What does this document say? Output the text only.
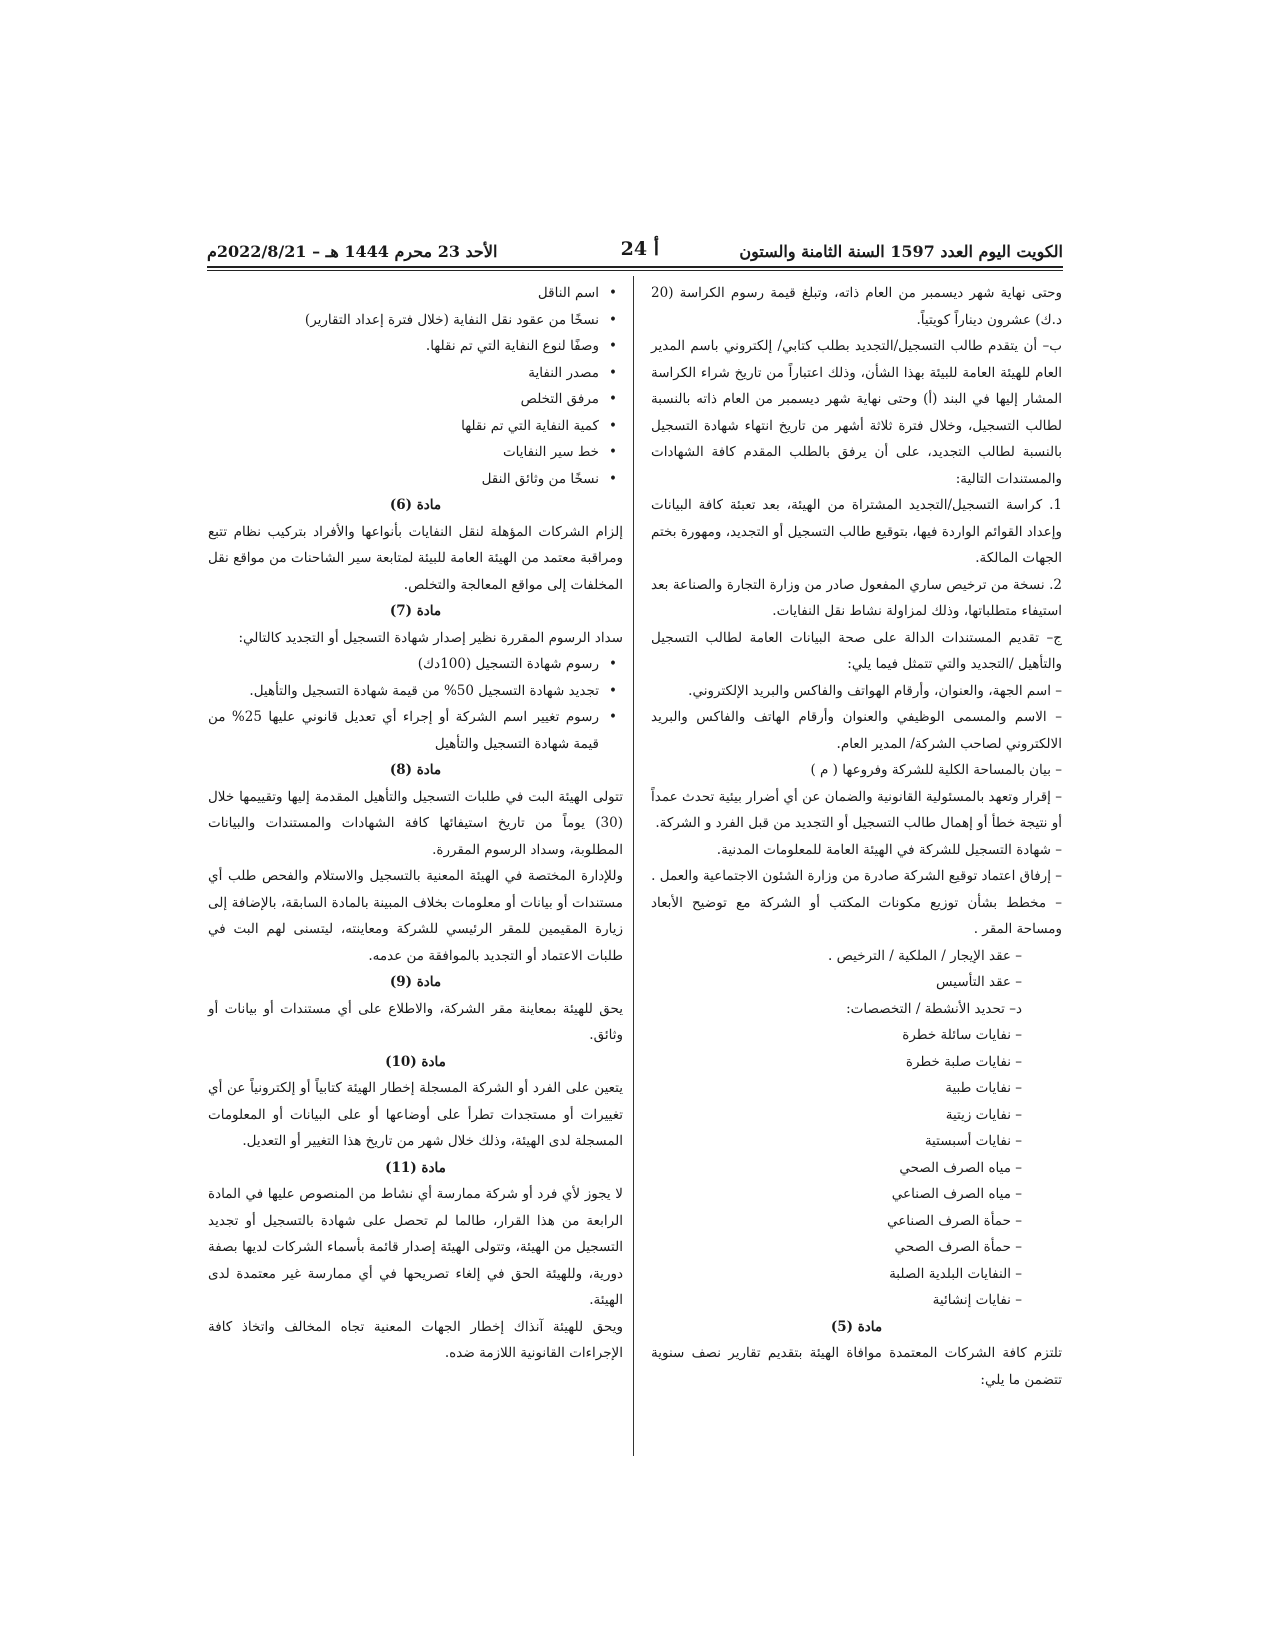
الكويت اليوم العدد 1597 السنة الثامنة والستون
أ 24
الأحد 23 محرم 1444 هـ – 2022/8/21م

وحتى نهاية شهر ديسمبر من العام ذاته، وتبلغ قيمة رسوم الكراسة (20 د.ك) عشرون ديناراً كويتياً.

ب– أن يتقدم طالب التسجيل/التجديد بطلب كتابي/ إلكتروني باسم المدير العام للهيئة العامة للبيئة بهذا الشأن، وذلك اعتباراً من تاريخ شراء الكراسة المشار إليها في البند (أ) وحتى نهاية شهر ديسمبر من العام ذاته بالنسبة لطالب التسجيل، وخلال فترة ثلاثة أشهر من تاريخ انتهاء شهادة التسجيل بالنسبة لطالب التجديد، على أن يرفق بالطلب المقدم كافة الشهادات والمستندات التالية:

1. كراسة التسجيل/التجديد المشتراة من الهيئة، بعد تعبئة كافة البيانات وإعداد القوائم الواردة فيها، بتوقيع طالب التسجيل أو التجديد، ومهورة بختم الجهات المالكة.

2. نسخة من ترخيص ساري المفعول صادر من وزارة التجارة والصناعة بعد استيفاء متطلباتها، وذلك لمزاولة نشاط نقل النفايات.

ج– تقديم المستندات الدالة على صحة البيانات العامة لطالب التسجيل والتأهيل /التجديد والتي تتمثل فيما يلي:

– اسم الجهة، والعنوان، وأرقام الهواتف والفاكس والبريد الإلكتروني.

– الاسم والمسمى الوظيفي والعنوان وأرقام الهاتف والفاكس والبريد الالكتروني لصاحب الشركة/ المدير العام.

– بيان بالمساحة الكلية للشركة وفروعها ( م )

– إقرار وتعهد بالمسئولية القانونية والضمان عن أي أضرار بيئية تحدث عمداً أو نتيجة خطأ أو إهمال طالب التسجيل أو التجديد من قبل الفرد و الشركة.

– شهادة التسجيل للشركة في الهيئة العامة للمعلومات المدنية.

– إرفاق اعتماد توقيع الشركة صادرة من وزارة الشئون الاجتماعية والعمل .

– مخطط بشأن توزيع مكونات المكتب أو الشركة مع توضيح الأبعاد ومساحة المقر .

– عقد الإيجار / الملكية / الترخيص .

– عقد التأسيس

د– تحديد الأنشطة / التخصصات:

– نفايات سائلة خطرة

– نفايات صلبة خطرة

– نفايات طبية

– نفايات زيتية

– نفايات أسبستية

– مياه الصرف الصحي

– مياه الصرف الصناعي

– حمأة الصرف الصناعي

– حمأة الصرف الصحي

– النفايات البلدية الصلبة

– نفايات إنشائية

مادة (5)

تلتزم كافة الشركات المعتمدة موافاة الهيئة بتقديم تقارير نصف سنوية تتضمن ما يلي:

• اسم الناقل

• نسخًا من عقود نقل النفاية (خلال فترة إعداد التقارير)

• وصفًا لنوع النفاية التي تم نقلها.

• مصدر النفاية

• مرفق التخلص

• كمية النفاية التي تم نقلها

• خط سير النفايات

• نسخًا من وثائق النقل

مادة (6)

إلزام الشركات المؤهلة لنقل النفايات بأنواعها والأفراد بتركيب نظام تتبع ومراقبة معتمد من الهيئة العامة للبيئة لمتابعة سير الشاحنات من مواقع نقل المخلفات إلى مواقع المعالجة والتخلص.

مادة (7)

سداد الرسوم المقررة نظير إصدار شهادة التسجيل أو التجديد كالتالي:

• رسوم شهادة التسجيل (100دك)

• تجديد شهادة التسجيل 50% من قيمة شهادة التسجيل والتأهيل.

• رسوم تغيير اسم الشركة أو إجراء أي تعديل قانوني عليها 25% من قيمة شهادة التسجيل والتأهيل

مادة (8)

تتولى الهيئة البت في طلبات التسجيل والتأهيل المقدمة إليها وتقييمها خلال (30) يوماً من تاريخ استيفائها كافة الشهادات والمستندات والبيانات المطلوبة، وسداد الرسوم المقررة.

وللإدارة المختصة في الهيئة المعنية بالتسجيل والاستلام والفحص طلب أي مستندات أو بيانات أو معلومات بخلاف المبينة بالمادة السابقة، بالإضافة إلى زيارة المقيمين للمقر الرئيسي للشركة ومعاينته، ليتسنى لهم البت في طلبات الاعتماد أو التجديد بالموافقة من عدمه.

مادة (9)

يحق للهيئة بمعاينة مقر الشركة، والاطلاع على أي مستندات أو بيانات أو وثائق.

مادة (10)

يتعين على الفرد أو الشركة المسجلة إخطار الهيئة كتابياً أو إلكترونياً عن أي تغييرات أو مستجدات تطرأ على أوضاعها أو على البيانات أو المعلومات المسجلة لدى الهيئة، وذلك خلال شهر من تاريخ هذا التغيير أو التعديل.

مادة (11)

لا يجوز لأي فرد أو شركة ممارسة أي نشاط من المنصوص عليها في المادة الرابعة من هذا القرار، طالما لم تحصل على شهادة بالتسجيل أو تجديد التسجيل من الهيئة، وتتولى الهيئة إصدار قائمة بأسماء الشركات لديها بصفة دورية، وللهيئة الحق في إلغاء تصريحها في أي ممارسة غير معتمدة لدى الهيئة.

ويحق للهيئة آنذاك إخطار الجهات المعنية تجاه المخالف واتخاذ كافة الإجراءات القانونية اللازمة ضده.
